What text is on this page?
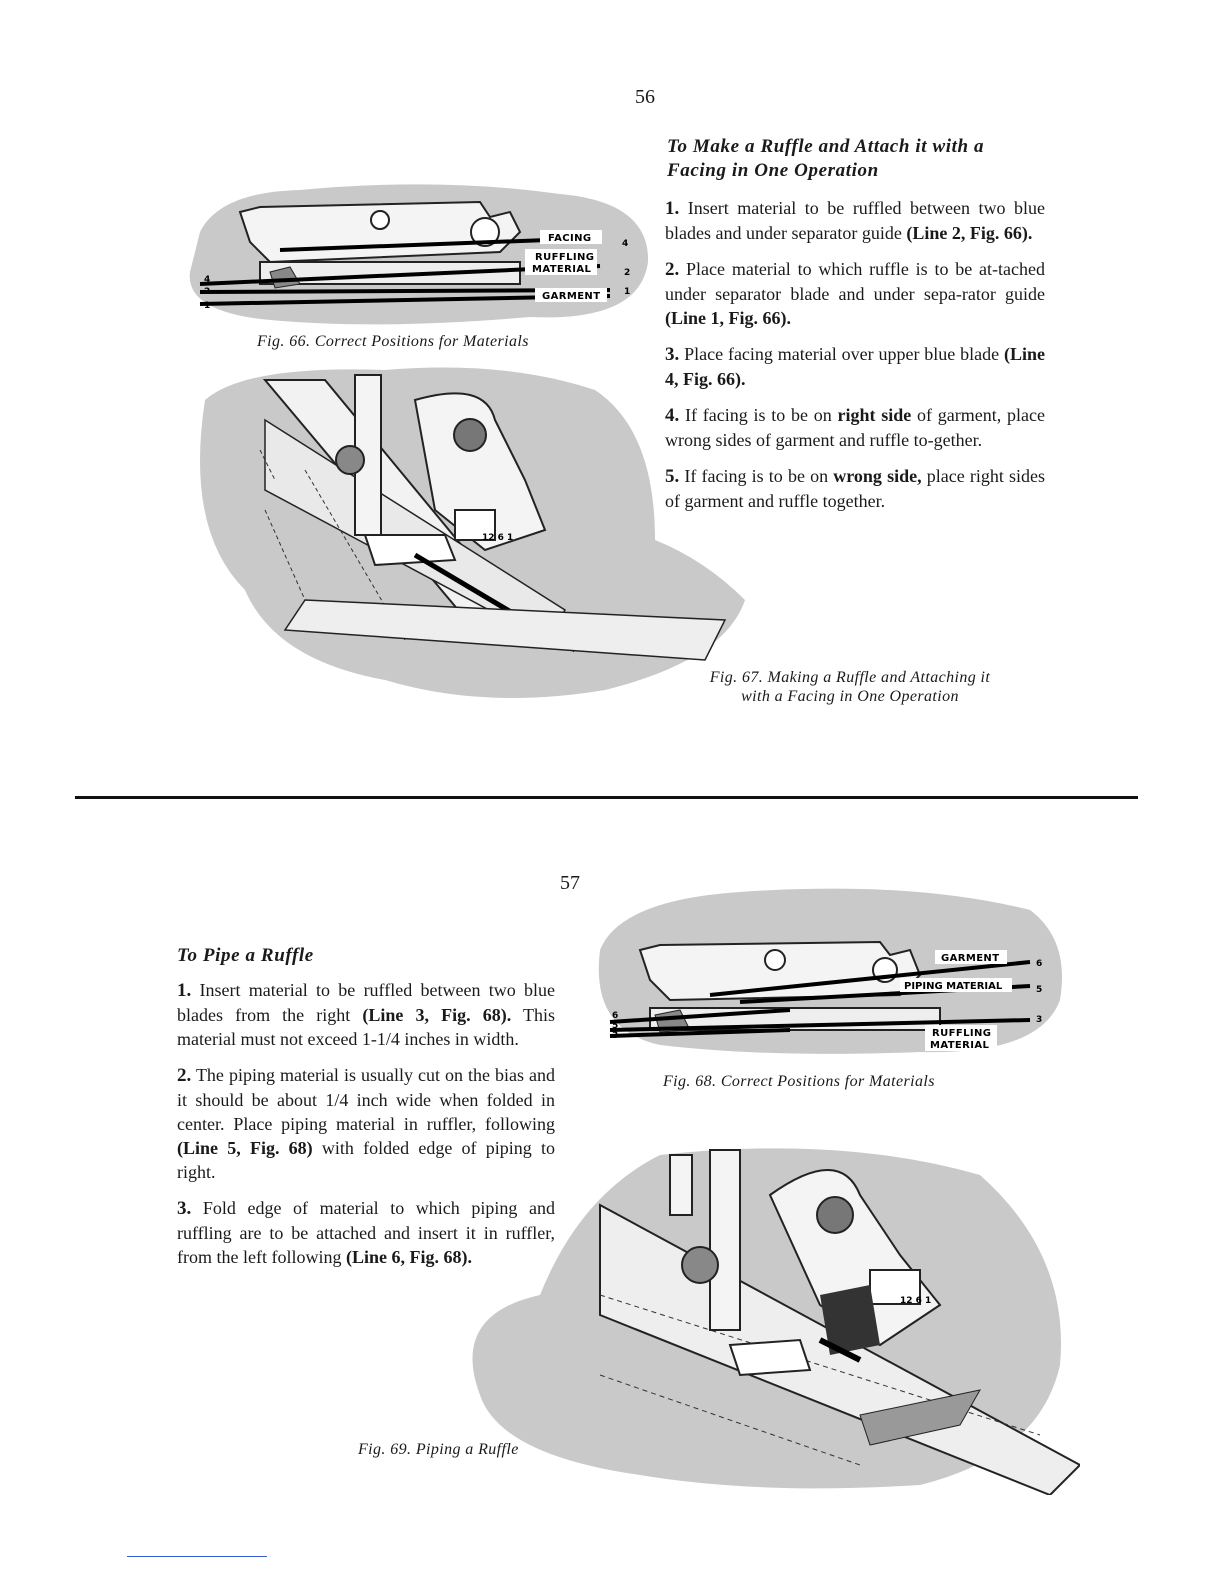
56
FACING
RUFFLING
MATERIAL
GARMENT
4
2
1
4
2
1
Fig. 66. Correct Positions for Materials
12 6 1
To Make a Ruffle and Attach it with a
Facing in One Operation

1. Insert material to be ruffled between two blue blades and under separator guide (Line 2, Fig. 66).

2. Place material to which ruffle is to be at-tached under separator blade and under sepa-rator guide (Line 1, Fig. 66).

3. Place facing material over upper blue blade (Line 4, Fig. 66).

4. If facing is to be on right side of garment, place wrong sides of garment and ruffle to-gether.

5. If facing is to be on wrong side, place right sides of garment and ruffle together.

Fig. 67. Making a Ruffle and Attaching it
with a Facing in One Operation
57
To Pipe a Ruffle

1. Insert material to be ruffled between two blue blades from the right (Line 3, Fig. 68). This material must not exceed 1-1/4 inches in width.

2. The piping material is usually cut on the bias and it should be about 1/4 inch wide when folded in center. Place piping material in ruffler, following (Line 5, Fig. 68) with folded edge of piping to right.

3. Fold edge of material to which piping and ruffling are to be attached and insert it in ruffler, from the left following (Line 6, Fig. 68).

GARMENT
PIPING MATERIAL
RUFFLING
MATERIAL
6
5
3
6
5
3
Fig. 68. Correct Positions for Materials
12 6 1
Fig. 69. Piping a Ruffle
